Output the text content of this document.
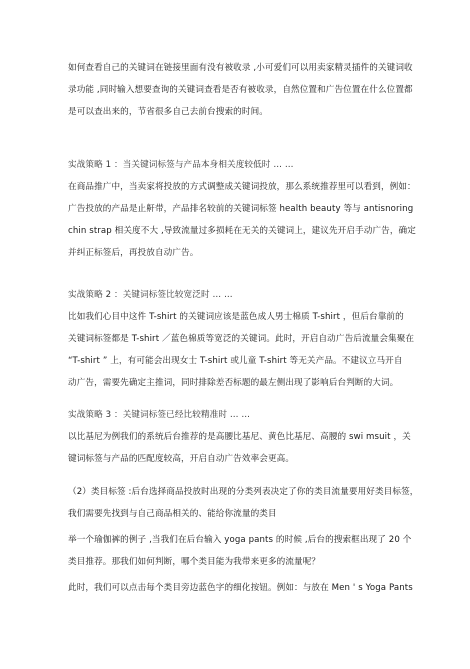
如何查看自己的关键词在链接里面有没有被收录 ,小可爱们可以用卖家精灵插件的关键词收
录功能 ,同时输入想要查询的关键词查看是否有被收录，自然位置和广告位置在什么位置都
是可以查出来的，节省很多自己去前台搜索的时间。
实战策略 1 ：当关键词标签与产品本身相关度较低时 … …
在商品推广中，当卖家将投放的方式调整成关键词投放，那么系统推荐里可以看到，例如：
广告投放的产品是止鼾带，产品排名较前的关键词标签 health beauty 等与 antisnoring
chin strap 相关度不大 ,导致流量过多损耗在无关的关键词上，建议先开启手动广告，确定
并纠正标签后，再投放自动广告。
实战策略 2 ：关键词标签比较宽泛时 … …
比如我们心目中这件 T-shirt 的关键词应该是蓝色成人男士棉质 T-shirt ，但后台靠前的
关键词标签都是 T-shirt ／蓝色棉质等宽泛的关键词。此时，开启自动广告后流量会集聚在
“T-shirt ” 上，有可能会出现女士 T-shirt 或儿童 T-shirt 等无关产品。不建议立马开自
动广告，需要先确定主推词，同时排除差否标题的最左侧出现了影响后台判断的大词。
实战策略 3 ：关键词标签已经比较精准时 … …
以比基尼为例我们的系统后台推荐的是高腰比基尼、黄色比基尼、高腰的 swi msuit ，关
键词标签与产品的匹配度较高，开启自动广告效率会更高。
（2）类目标签 :后台选择商品投放时出现的分类列表决定了你的类目流量要用好类目标签，
我们需要先找到与自己商品相关的、能给你流量的类目
举一个瑜伽裤的例子 ,当我们在后台输入 yoga pants 的时候 ,后台的搜索框出现了 20 个
类目推荐。那我们如何判断，哪个类目能为我带来更多的流量呢？
此时，我们可以点击每个类目旁边蓝色字的细化按钮。例如：与放在 Men ' s Yoga Pants
